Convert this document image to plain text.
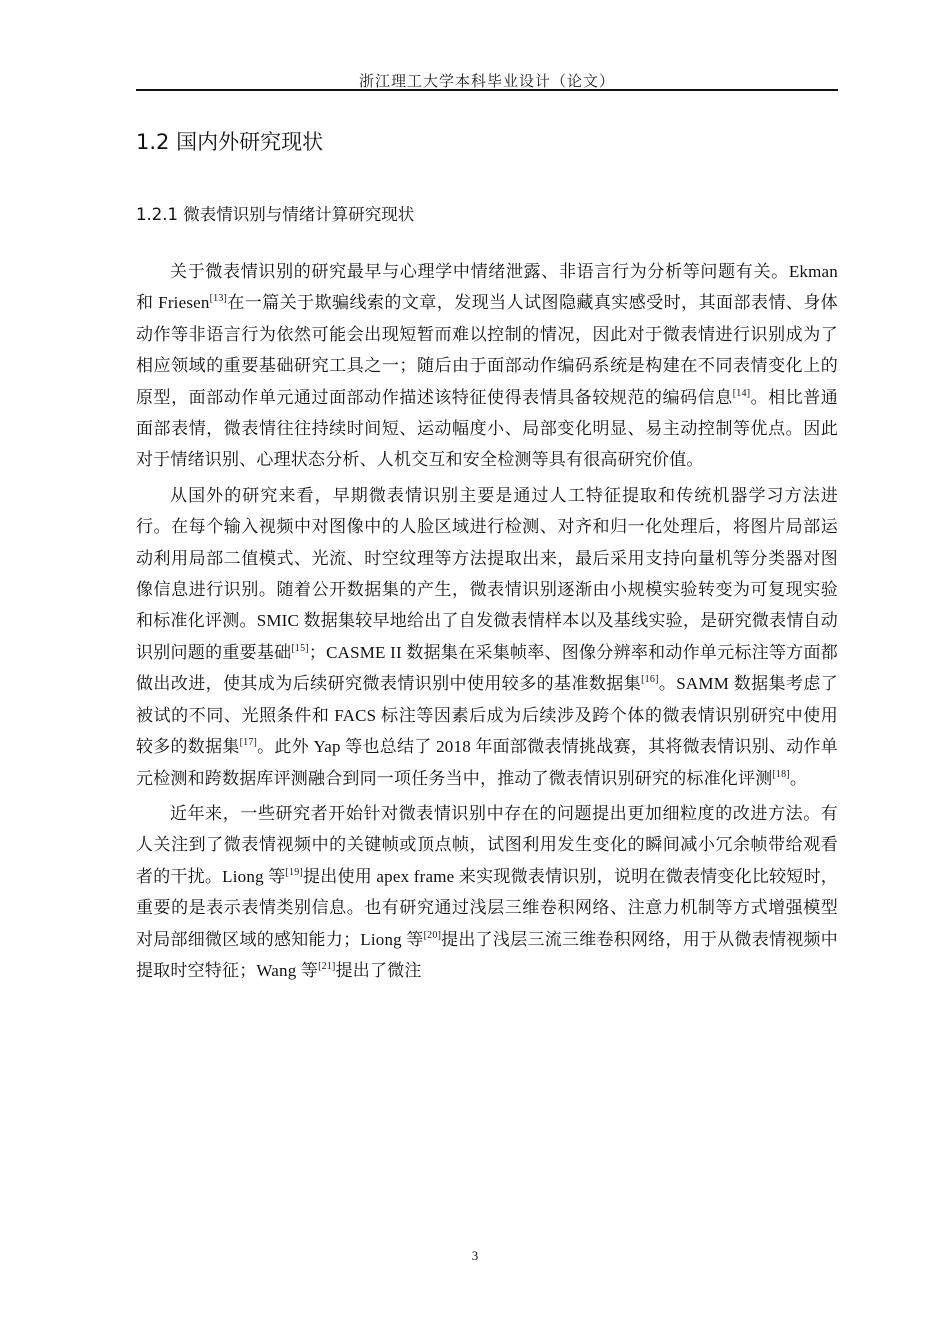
浙江理工大学本科毕业设计（论文）
1.2 国内外研究现状
1.2.1 微表情识别与情绪计算研究现状

关于微表情识别的研究最早与心理学中情绪泄露、非语言行为分析等问题有关。Ekman 和 Friesen[13]在一篇关于欺骗线索的文章，发现当人试图隐藏真实感受时，其面部表情、身体动作等非语言行为依然可能会出现短暂而难以控制的情况，因此对于微表情进行识别成为了相应领域的重要基础研究工具之一；随后由于面部动作编码系统是构建在不同表情变化上的原型，面部动作单元通过面部动作描述该特征使得表情具备较规范的编码信息[14]。相比普通面部表情，微表情往往持续时间短、运动幅度小、局部变化明显、易主动控制等优点。因此对于情绪识别、心理状态分析、人机交互和安全检测等具有很高研究价值。

从国外的研究来看，早期微表情识别主要是通过人工特征提取和传统机器学习方法进行。在每个输入视频中对图像中的人脸区域进行检测、对齐和归一化处理后，将图片局部运动利用局部二值模式、光流、时空纹理等方法提取出来，最后采用支持向量机等分类器对图像信息进行识别。随着公开数据集的产生，微表情识别逐渐由小规模实验转变为可复现实验和标准化评测。SMIC 数据集较早地给出了自发微表情样本以及基线实验，是研究微表情自动识别问题的重要基础[15]；CASME II 数据集在采集帧率、图像分辨率和动作单元标注等方面都做出改进，使其成为后续研究微表情识别中使用较多的基准数据集[16]。SAMM 数据集考虑了被试的不同、光照条件和 FACS 标注等因素后成为后续涉及跨个体的微表情识别研究中使用较多的数据集[17]。此外 Yap 等也总结了 2018 年面部微表情挑战赛，其将微表情识别、动作单元检测和跨数据库评测融合到同一项任务当中，推动了微表情识别研究的标准化评测[18]。

近年来，一些研究者开始针对微表情识别中存在的问题提出更加细粒度的改进方法。有人关注到了微表情视频中的关键帧或顶点帧，试图利用发生变化的瞬间减小冗余帧带给观看者的干扰。Liong 等[19]提出使用 apex frame 来实现微表情识别，说明在微表情变化比较短时，重要的是表示表情类别信息。也有研究通过浅层三维卷积网络、注意力机制等方式增强模型对局部细微区域的感知能力；Liong 等[20]提出了浅层三流三维卷积网络，用于从微表情视频中提取时空特征；Wang 等[21]提出了微注

3
